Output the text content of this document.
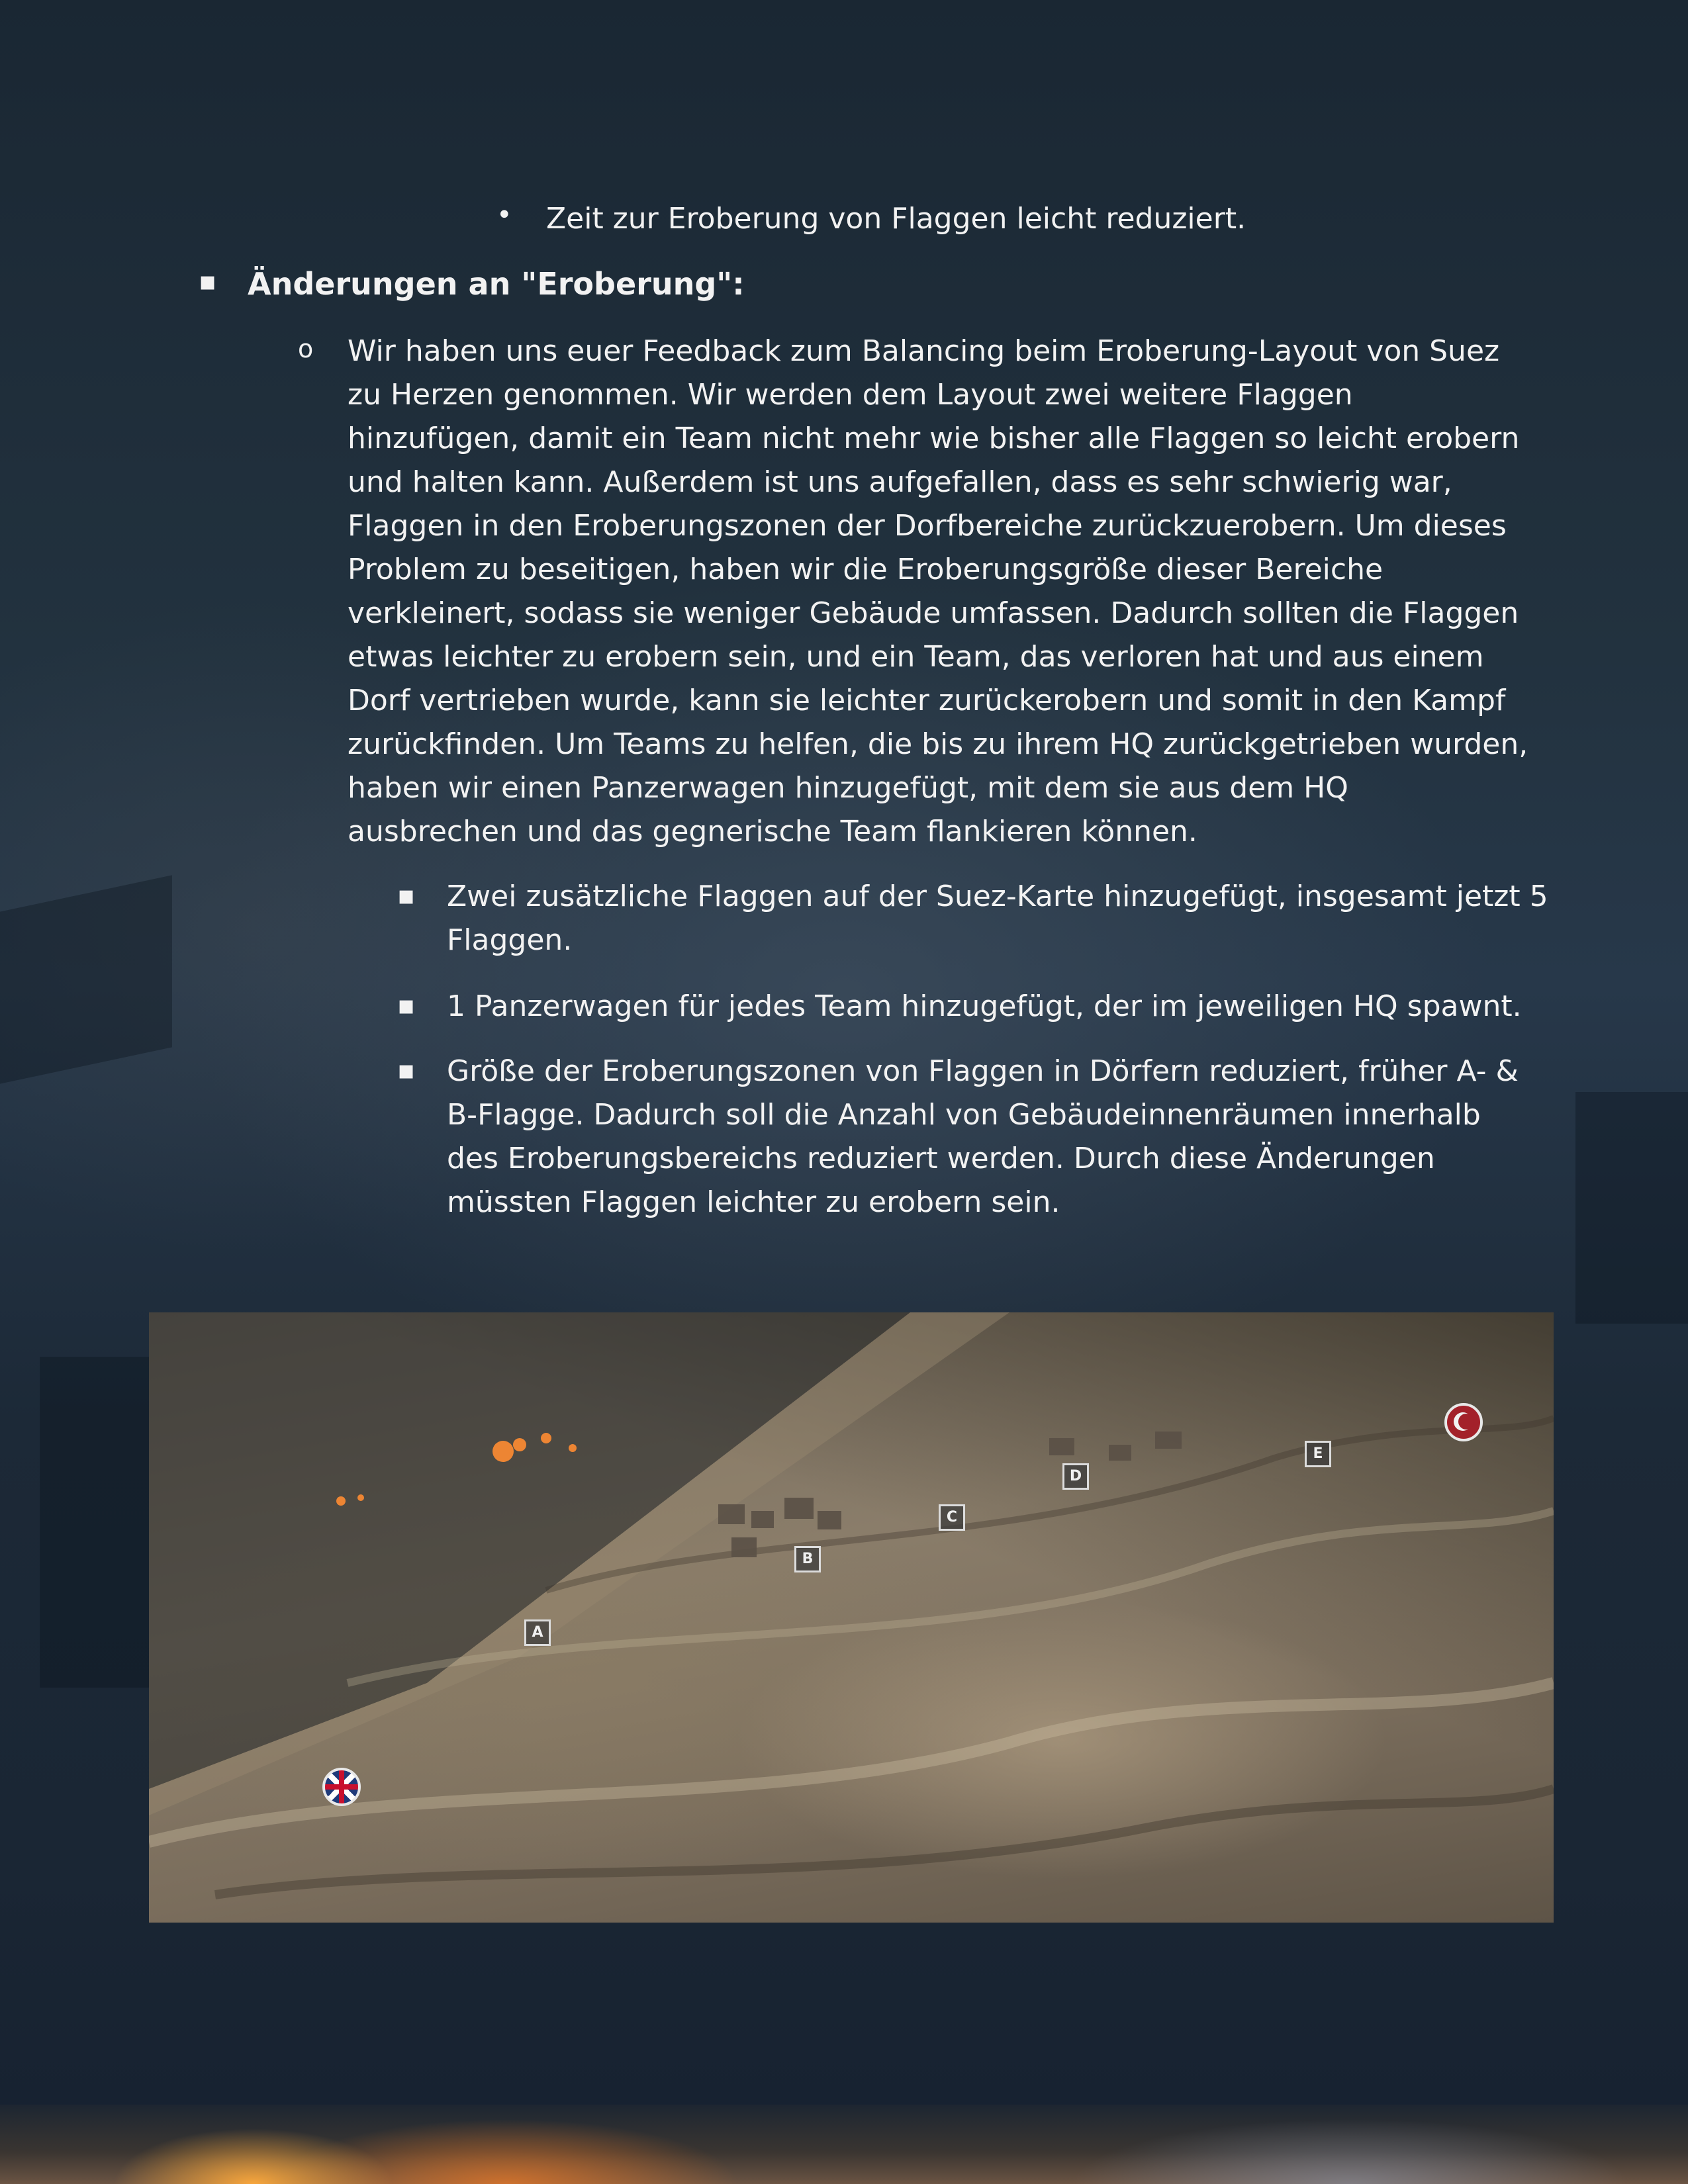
• Zeit zur Eroberung von Flaggen leicht reduziert.
▪ Änderungen an "Eroberung":
o Wir haben uns euer Feedback zum Balancing beim Eroberung-Layout von Suez
zu Herzen genommen. Wir werden dem Layout zwei weitere Flaggen
hinzufügen, damit ein Team nicht mehr wie bisher alle Flaggen so leicht erobern
und halten kann. Außerdem ist uns aufgefallen, dass es sehr schwierig war,
Flaggen in den Eroberungszonen der Dorfbereiche zurückzuerobern. Um dieses
Problem zu beseitigen, haben wir die Eroberungsgröße dieser Bereiche
verkleinert, sodass sie weniger Gebäude umfassen. Dadurch sollten die Flaggen
etwas leichter zu erobern sein, und ein Team, das verloren hat und aus einem
Dorf vertrieben wurde, kann sie leichter zurückerobern und somit in den Kampf
zurückfinden. Um Teams zu helfen, die bis zu ihrem HQ zurückgetrieben wurden,
haben wir einen Panzerwagen hinzugefügt, mit dem sie aus dem HQ
ausbrechen und das gegnerische Team flankieren können.
▪ Zwei zusätzliche Flaggen auf der Suez-Karte hinzugefügt, insgesamt jetzt 5
Flaggen.
▪ 1 Panzerwagen für jedes Team hinzugefügt, der im jeweiligen HQ spawnt.
▪ Größe der Eroberungszonen von Flaggen in Dörfern reduziert, früher A- &
B-Flagge. Dadurch soll die Anzahl von Gebäudeinnenräumen innerhalb
des Eroberungsbereichs reduziert werden. Durch diese Änderungen
müssten Flaggen leichter zu erobern sein.
A
B
C
D
E
